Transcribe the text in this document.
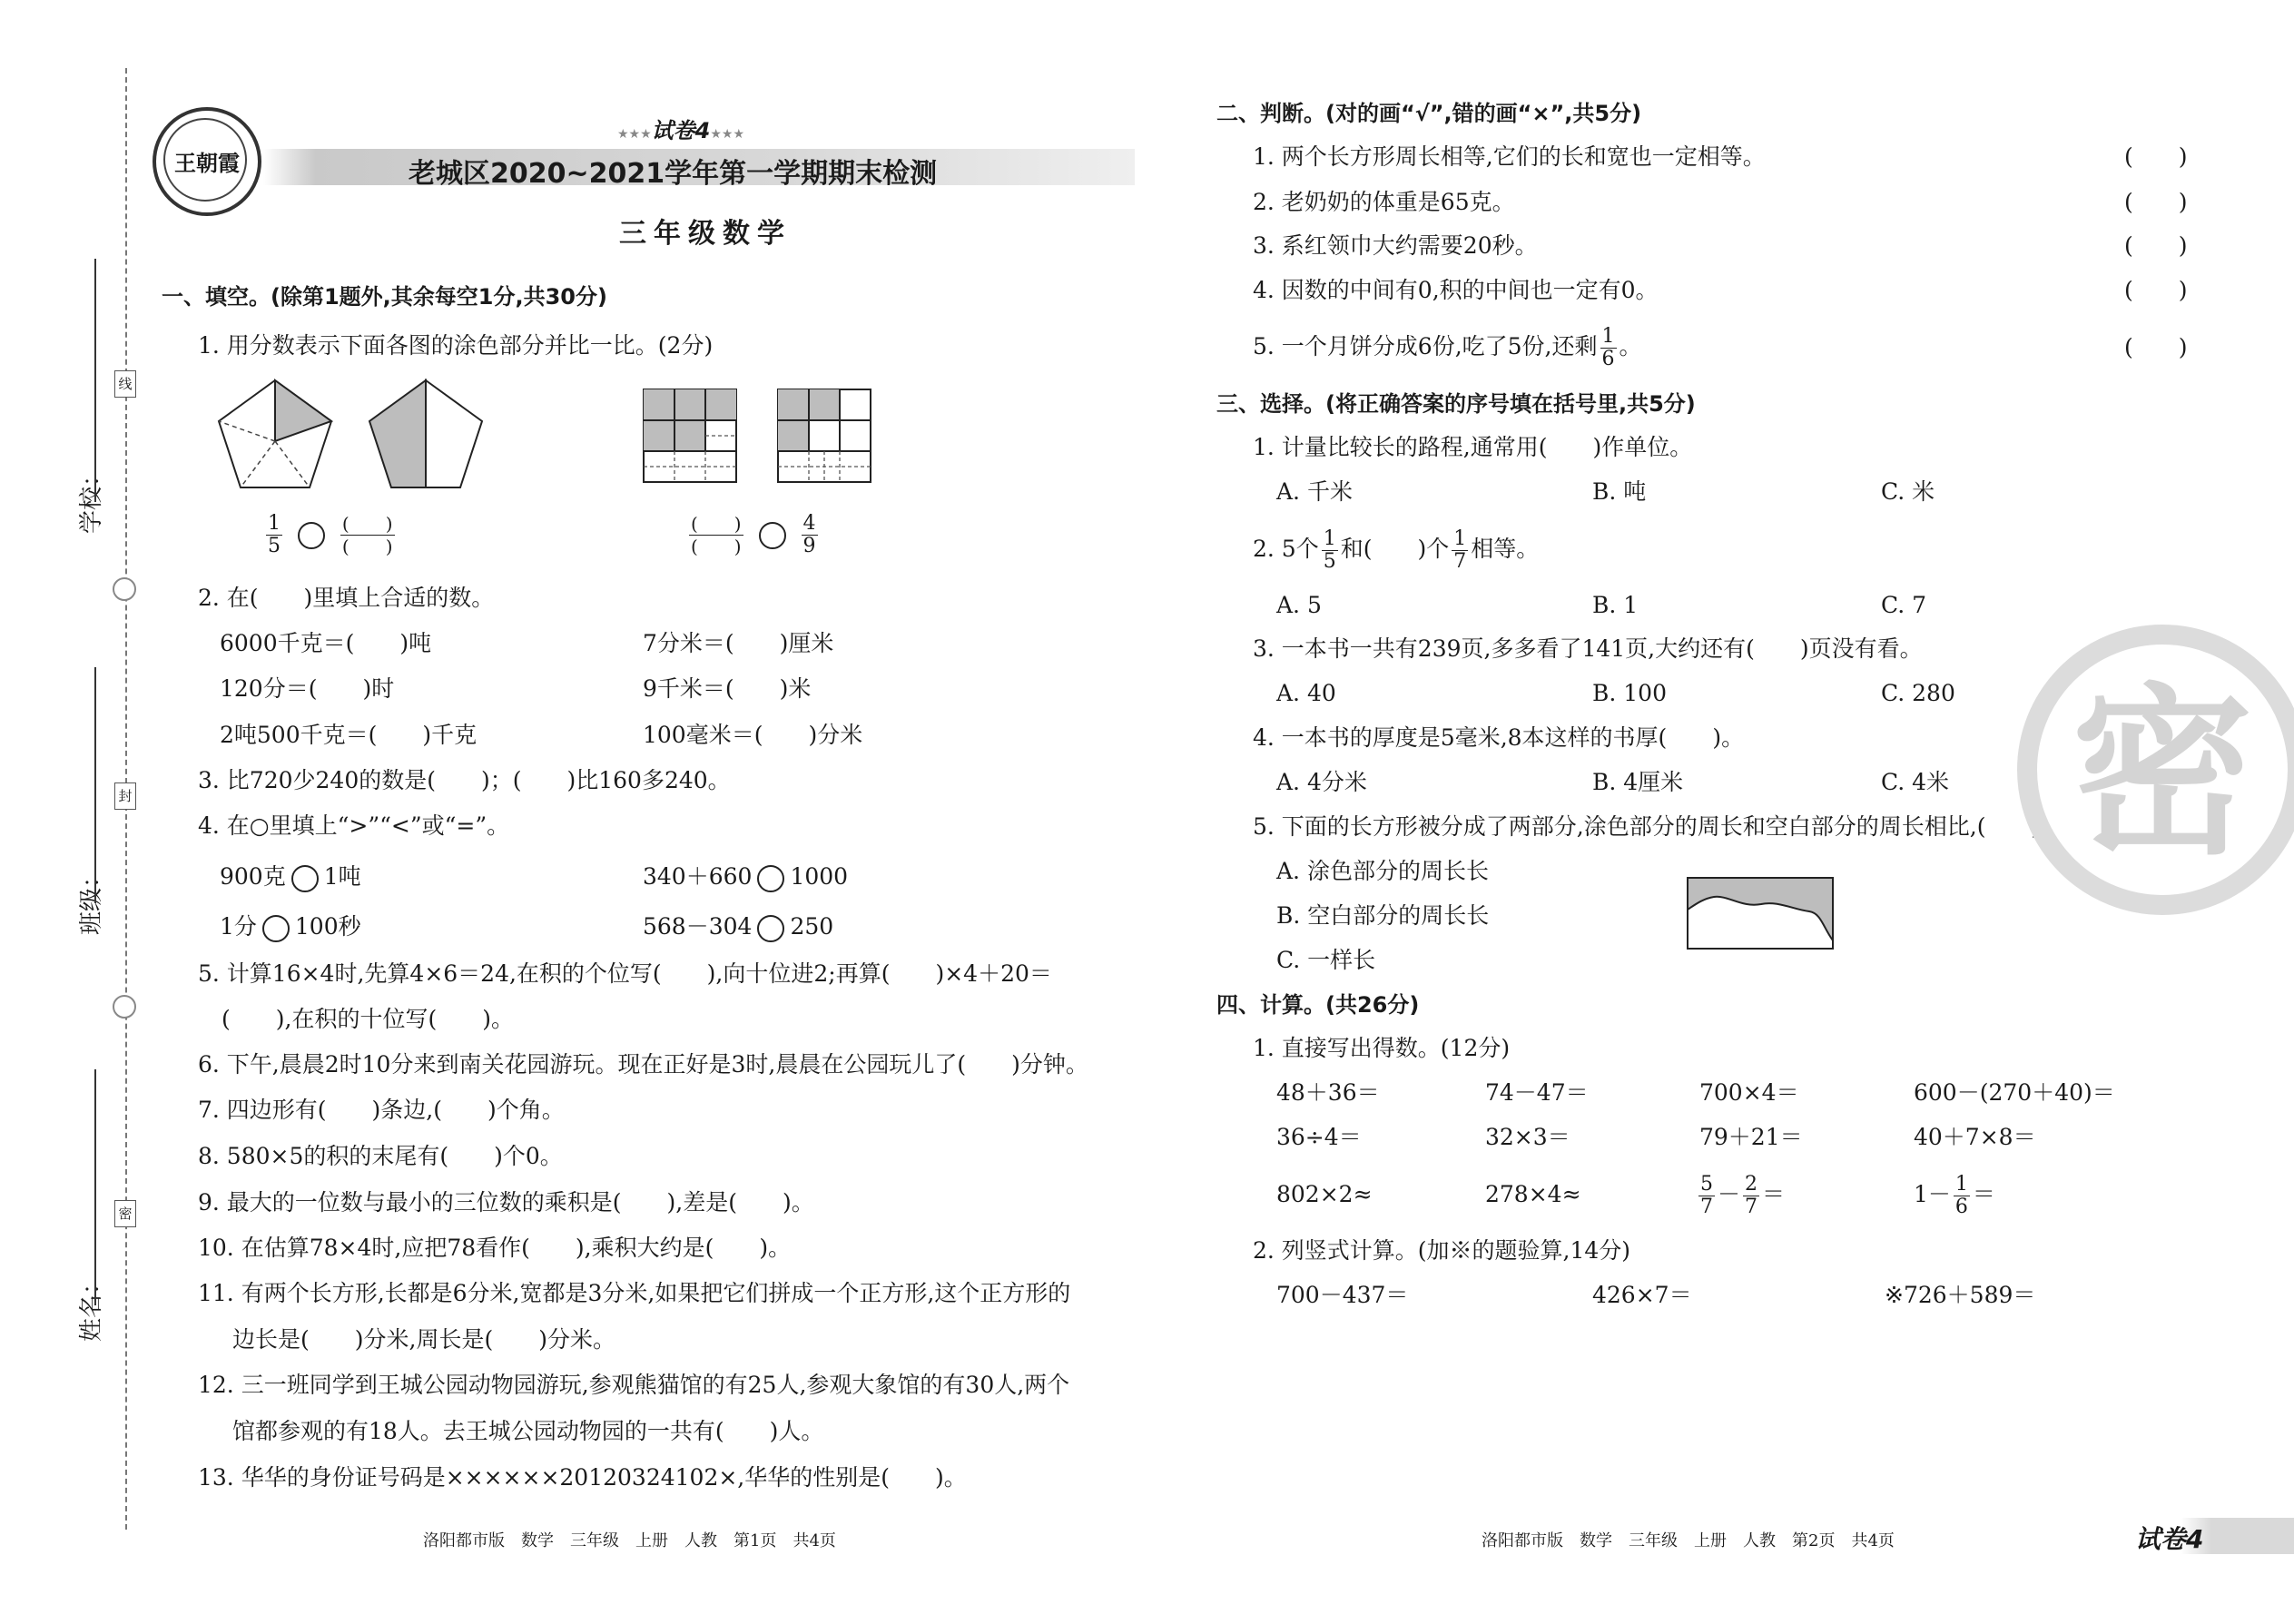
线
封
密
学校：
班级：
姓名：
王朝霞
★★★试卷4★★★
老城区2020~2021学年第一学期期末检测
三年级数学
一、填空。(除第1题外,其余每空1分,共30分)
1. 用分数表示下面各图的涂色部分并比一比。(2分)
$\frac{1}{5}$
	$\frac{( )}{( )}$	$\frac{( )}{( )}$
	$\frac{4}{9}$
2. 在(　　)里填上合适的数。
6000千克＝(　　)吨	7分米＝(　　)厘米
120分＝(　　)时	9千米＝(　　)米
2吨500千克＝(　　)千克	100毫米＝(　　)分米
3. 比720少240的数是(　　)；(　　)比160多240。
4. 在○里填上“>”“<”或“=”。
900克 1吨	340＋660 1000
1分 100秒	568－304 250
5. 计算16×4时,先算4×6＝24,在积的个位写(　　),向十位进2;再算(　　)×4＋20＝
(　　),在积的十位写(　　)。
6. 下午,晨晨2时10分来到南关花园游玩。现在正好是3时,晨晨在公园玩儿了(　　)分钟。
7. 四边形有(　　)条边,(　　)个角。
8. 580×5的积的末尾有(　　)个0。
9. 最大的一位数与最小的三位数的乘积是(　　),差是(　　)。
10. 在估算78×4时,应把78看作(　　),乘积大约是(　　)。
11. 有两个长方形,长都是6分米,宽都是3分米,如果把它们拼成一个正方形,这个正方形的
边长是(　　)分米,周长是(　　)分米。
12. 三一班同学到王城公园动物园游玩,参观熊猫馆的有25人,参观大象馆的有30人,两个
馆都参观的有18人。去王城公园动物园的一共有(　　)人。
13. 华华的身份证号码是××××××20120324102×,华华的性别是(　　)。
洛阳都市版　数学　三年级　上册　人教　第1页　共4页
二、判断。(对的画“√”,错的画“×”,共5分)
1. 两个长方形周长相等,它们的长和宽也一定相等。	(　　)
2. 老奶奶的体重是65克。	(　　)
3. 系红领巾大约需要20秒。	(　　)
4. 因数的中间有0,积的中间也一定有0。	(　　)
5. 一个月饼分成6份,吃了5份,还剩 $\frac{1}{6}$ 。	(　　)
三、选择。(将正确答案的序号填在括号里,共5分)
1. 计量比较长的路程,通常用(　　)作单位。
A. 千米	B. 吨	C. 米
2. 5个 $\frac{1}{5}$ 和(　　)个 $\frac{1}{7}$ 相等。
A. 5	B. 1	C. 7
3. 一本书一共有239页,多多看了141页,大约还有(　　)页没有看。
A. 40	B. 100	C. 280
4. 一本书的厚度是5毫米,8本这样的书厚(　　)。
A. 4分米	B. 4厘米	C. 4米
5. 下面的长方形被分成了两部分,涂色部分的周长和空白部分的周长相比,(　　)。
A. 涂色部分的周长长
B. 空白部分的周长长
C. 一样长
四、计算。(共26分)
1. 直接写出得数。(12分)
48＋36＝	74－47＝	700×4＝	600－(270＋40)＝
36÷4＝	32×3＝	79＋21＝	40＋7×8＝
802×2≈	278×4≈	$\frac{5}{7} - \frac{2}{7}$ ＝	$1- \frac{1}{6}$ ＝
2. 列竖式计算。(加※的题验算,14分)
700－437＝	426×7＝	※726＋589＝
密
洛阳都市版　数学　三年级　上册　人教　第2页　共4页	试卷4
